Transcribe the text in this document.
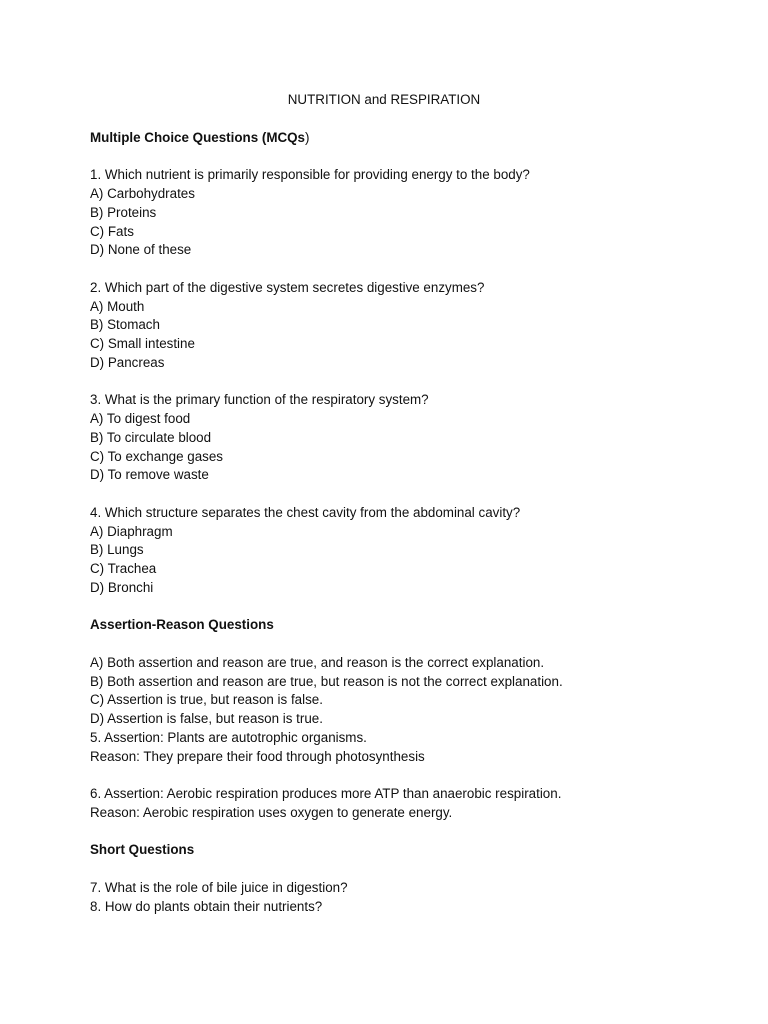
NUTRITION and RESPIRATION
Multiple Choice Questions (MCQs)
1. Which nutrient is primarily responsible for providing energy to the body?
A) Carbohydrates
B) Proteins
C) Fats
D) None of these
2. Which part of the digestive system secretes digestive enzymes?
A) Mouth
B) Stomach
C) Small intestine
D) Pancreas
3. What is the primary function of the respiratory system?
A) To digest food
B) To circulate blood
C) To exchange gases
D) To remove waste
4. Which structure separates the chest cavity from the abdominal cavity?
A) Diaphragm
B) Lungs
C) Trachea
D) Bronchi
Assertion-Reason Questions
A) Both assertion and reason are true, and reason is the correct explanation.
B) Both assertion and reason are true, but reason is not the correct explanation.
C) Assertion is true, but reason is false.
D) Assertion is false, but reason is true.
5. Assertion: Plants are autotrophic organisms.
Reason: They prepare their food through photosynthesis
6. Assertion: Aerobic respiration produces more ATP than anaerobic respiration.
Reason: Aerobic respiration uses oxygen to generate energy.
Short Questions
7. What is the role of bile juice in digestion?
8. How do plants obtain their nutrients?
